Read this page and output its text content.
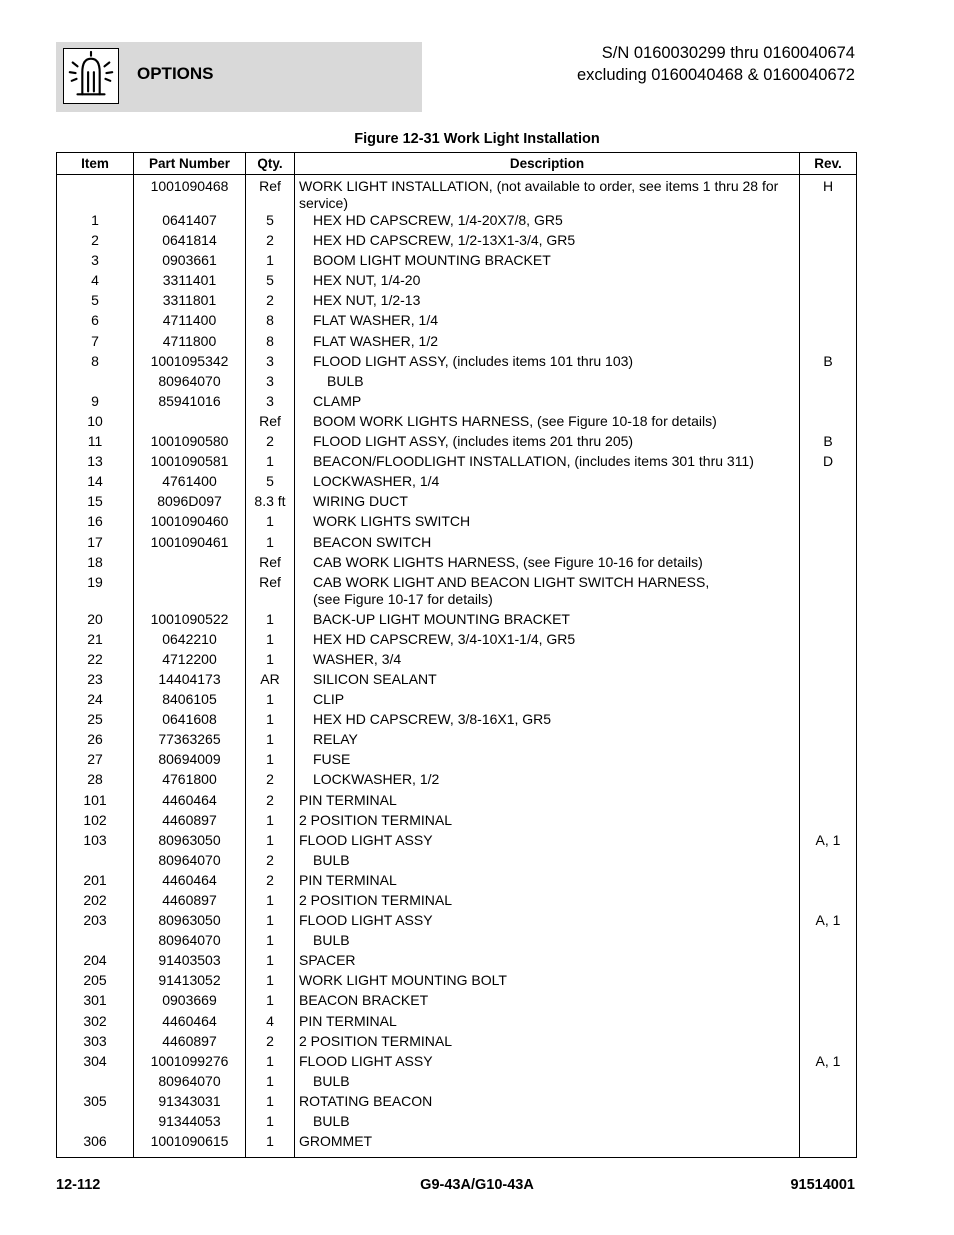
OPTIONS
S/N 0160030299 thru 0160040674
excluding 0160040468 & 0160040672
Figure 12-31 Work Light Installation
Item	Part Number	Qty.	Description	Rev.
	1001090468	Ref	WORK LIGHT INSTALLATION, (not available to order, see items 1 thru 28 for service)	H
1	0641407	5	HEX HD CAPSCREW, 1/4-20X7/8, GR5	

2	0641814	2	HEX HD CAPSCREW, 1/2-13X1-3/4, GR5	

3	0903661	1	BOOM LIGHT MOUNTING BRACKET	

4	3311401	5	HEX NUT, 1/4-20	

5	3311801	2	HEX NUT, 1/2-13	

6	4711400	8	FLAT WASHER, 1/4	

7	4711800	8	FLAT WASHER, 1/2	

8	1001095342	3	FLOOD LIGHT ASSY, (includes items 101 thru 103)	B
	80964070	3	BULB	

9	85941016	3	CLAMP	

10		Ref	BOOM WORK LIGHTS HARNESS, (see Figure 10-18 for details)	

11	1001090580	2	FLOOD LIGHT ASSY, (includes items 201 thru 205)	B
13	1001090581	1	BEACON/FLOODLIGHT INSTALLATION, (includes items 301 thru 311)	D
14	4761400	5	LOCKWASHER, 1/4	

15	8096D097	8.3 ft	WIRING DUCT	

16	1001090460	1	WORK LIGHTS SWITCH	

17	1001090461	1	BEACON SWITCH	

18		Ref	CAB WORK LIGHTS HARNESS, (see Figure 10-16 for details)	

19		Ref	CAB WORK LIGHT AND BEACON LIGHT SWITCH HARNESS,
(see Figure 10-17 for details)	

20	1001090522	1	BACK-UP LIGHT MOUNTING BRACKET	

21	0642210	1	HEX HD CAPSCREW, 3/4-10X1-1/4, GR5	

22	4712200	1	WASHER, 3/4	

23	14404173	AR	SILICON SEALANT	

24	8406105	1	CLIP	

25	0641608	1	HEX HD CAPSCREW, 3/8-16X1, GR5	

26	77363265	1	RELAY	

27	80694009	1	FUSE	

28	4761800	2	LOCKWASHER, 1/2	

101	4460464	2	PIN TERMINAL	

102	4460897	1	2 POSITION TERMINAL	

103	80963050	1	FLOOD LIGHT ASSY	A, 1
	80964070	2	BULB	

201	4460464	2	PIN TERMINAL	

202	4460897	1	2 POSITION TERMINAL	

203	80963050	1	FLOOD LIGHT ASSY	A, 1
	80964070	1	BULB	

204	91403503	1	SPACER	

205	91413052	1	WORK LIGHT MOUNTING BOLT	

301	0903669	1	BEACON BRACKET	

302	4460464	4	PIN TERMINAL	

303	4460897	2	2 POSITION TERMINAL	

304	1001099276	1	FLOOD LIGHT ASSY	A, 1
	80964070	1	BULB	

305	91343031	1	ROTATING BEACON	

	91344053	1	BULB	

306	1001090615	1	GROMMET	

12-112	G9-43A/G10-43A	91514001
